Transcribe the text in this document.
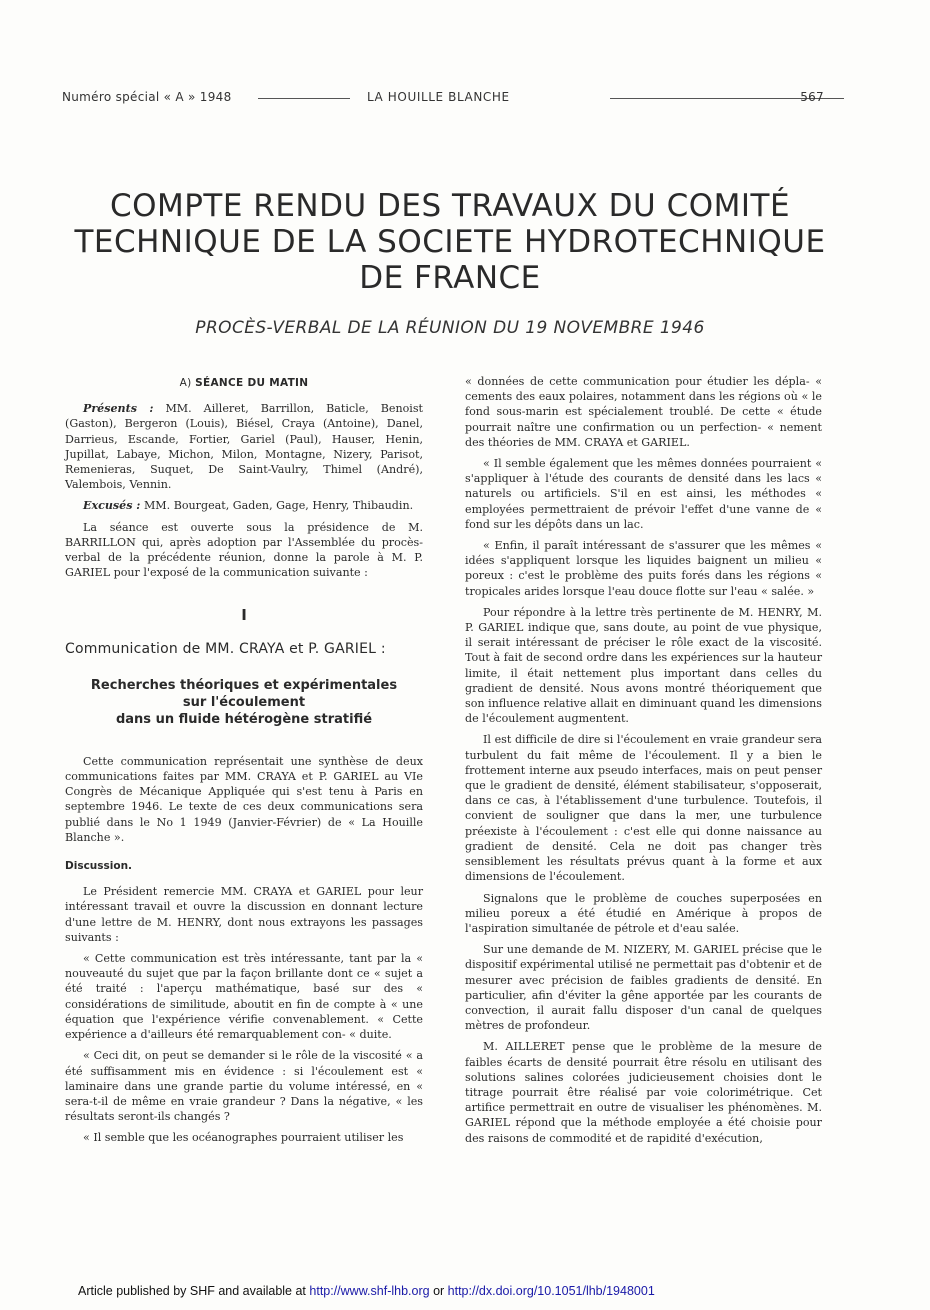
Numéro spécial « A » 1948	LA HOUILLE BLANCHE	567
COMPTE RENDU DES TRAVAUX DU COMITÉ
TECHNIQUE DE LA SOCIETE HYDROTECHNIQUE
DE FRANCE
PROCÈS-VERBAL DE LA RÉUNION DU 19 NOVEMBRE 1946
A) SÉANCE DU MATIN

Présents : MM. Ailleret, Barrillon, Baticle, Benoist (Gaston), Bergeron (Louis), Biésel, Craya (Antoine), Danel, Darrieus, Escande, Fortier, Gariel (Paul), Hauser, Henin, Jupillat, Labaye, Michon, Milon, Montagne, Nizery, Parisot, Remenieras, Suquet, De Saint-Vaulry, Thimel (André), Valembois, Vennin.

Excusés : MM. Bourgeat, Gaden, Gage, Henry, Thibaudin.

La séance est ouverte sous la présidence de M. BARRILLON qui, après adoption par l'Assemblée du procès-verbal de la précédente réunion, donne la parole à M. P. GARIEL pour l'exposé de la communication suivante :

I
Communication de MM. CRAYA et P. GARIEL :
Recherches théoriques et expérimentales
sur l'écoulement
dans un fluide hétérogène stratifié

Cette communication représentait une synthèse de deux communications faites par MM. CRAYA et P. GARIEL au VIe Congrès de Mécanique Appliquée qui s'est tenu à Paris en septembre 1946. Le texte de ces deux communications sera publié dans le No 1 1949 (Janvier-Février) de « La Houille Blanche ».

Discussion.

Le Président remercie MM. CRAYA et GARIEL pour leur intéressant travail et ouvre la discussion en donnant lecture d'une lettre de M. HENRY, dont nous extrayons les passages suivants :

« Cette communication est très intéressante, tant par la « nouveauté du sujet que par la façon brillante dont ce « sujet a été traité : l'aperçu mathématique, basé sur des « considérations de similitude, aboutit en fin de compte à « une équation que l'expérience vérifie convenablement. « Cette expérience a d'ailleurs été remarquablement con- « duite.

« Ceci dit, on peut se demander si le rôle de la viscosité « a été suffisamment mis en évidence : si l'écoulement est « laminaire dans une grande partie du volume intéressé, en « sera-t-il de même en vraie grandeur ? Dans la négative, « les résultats seront-ils changés ?

« Il semble que les océanographes pourraient utiliser les

« données de cette communication pour étudier les dépla- « cements des eaux polaires, notamment dans les régions où « le fond sous-marin est spécialement troublé. De cette « étude pourrait naître une confirmation ou un perfection- « nement des théories de MM. CRAYA et GARIEL.

« Il semble également que les mêmes données pourraient « s'appliquer à l'étude des courants de densité dans les lacs « naturels ou artificiels. S'il en est ainsi, les méthodes « employées permettraient de prévoir l'effet d'une vanne de « fond sur les dépôts dans un lac.

« Enfin, il paraît intéressant de s'assurer que les mêmes « idées s'appliquent lorsque les liquides baignent un milieu « poreux : c'est le problème des puits forés dans les régions « tropicales arides lorsque l'eau douce flotte sur l'eau « salée. »

Pour répondre à la lettre très pertinente de M. HENRY, M. P. GARIEL indique que, sans doute, au point de vue physique, il serait intéressant de préciser le rôle exact de la viscosité. Tout à fait de second ordre dans les expériences sur la hauteur limite, il était nettement plus important dans celles du gradient de densité. Nous avons montré théoriquement que son influence relative allait en diminuant quand les dimensions de l'écoulement augmentent.

Il est difficile de dire si l'écoulement en vraie grandeur sera turbulent du fait même de l'écoulement. Il y a bien le frottement interne aux pseudo interfaces, mais on peut penser que le gradient de densité, élément stabilisateur, s'opposerait, dans ce cas, à l'établissement d'une turbulence. Toutefois, il convient de souligner que dans la mer, une turbulence préexiste à l'écoulement : c'est elle qui donne naissance au gradient de densité. Cela ne doit pas changer très sensiblement les résultats prévus quant à la forme et aux dimensions de l'écoulement.

Signalons que le problème de couches superposées en milieu poreux a été étudié en Amérique à propos de l'aspiration simultanée de pétrole et d'eau salée.

Sur une demande de M. NIZERY, M. GARIEL précise que le dispositif expérimental utilisé ne permettait pas d'obtenir et de mesurer avec précision de faibles gradients de densité. En particulier, afin d'éviter la gêne apportée par les courants de convection, il aurait fallu disposer d'un canal de quelques mètres de profondeur.

M. AILLERET pense que le problème de la mesure de faibles écarts de densité pourrait être résolu en utilisant des solutions salines colorées judicieusement choisies dont le titrage pourrait être réalisé par voie colorimétrique. Cet artifice permettrait en outre de visualiser les phénomènes. M. GARIEL répond que la méthode employée a été choisie pour des raisons de commodité et de rapidité d'exécution,

Article published by SHF and available at http://www.shf-lhb.org or http://dx.doi.org/10.1051/lhb/1948001
